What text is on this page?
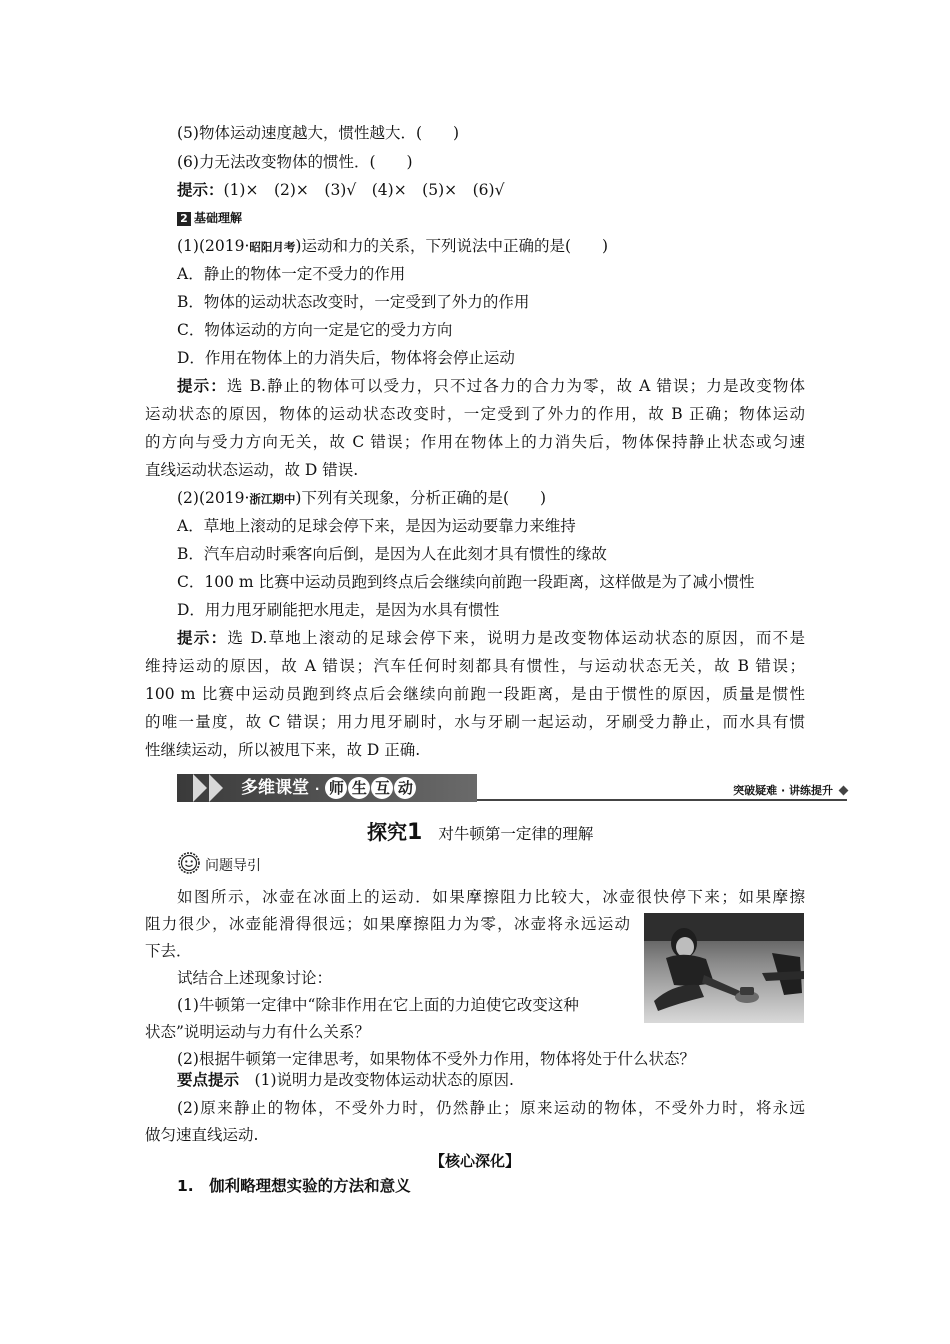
(5)物体运动速度越大，惯性越大．(　　)
(6)力无法改变物体的惯性．(　　)
提示：(1)×　(2)×　(3)√　(4)×　(5)×　(6)√
2 基础理解
(1)(2019·昭阳月考)运动和力的关系，下列说法中正确的是(　　)
A．静止的物体一定不受力的作用
B．物体的运动状态改变时，一定受到了外力的作用
C．物体运动的方向一定是它的受力方向
D．作用在物体上的力消失后，物体将会停止运动
提示：选 B.静止的物体可以受力，只不过各力的合力为零，故 A 错误；力是改变物体
运动状态的原因，物体的运动状态改变时，一定受到了外力的作用，故 B 正确；物体运动
的方向与受力方向无关，故 C 错误；作用在物体上的力消失后，物体保持静止状态或匀速
直线运动状态运动，故 D 错误.
(2)(2019·浙江期中)下列有关现象，分析正确的是(　　)
A．草地上滚动的足球会停下来，是因为运动要靠力来维持
B．汽车启动时乘客向后倒，是因为人在此刻才具有惯性的缘故
C．100 m 比赛中运动员跑到终点后会继续向前跑一段距离，这样做是为了减小惯性
D．用力甩牙刷能把水甩走，是因为水具有惯性
提示：选 D.草地上滚动的足球会停下来，说明力是改变物体运动状态的原因，而不是
维持运动的原因，故 A 错误；汽车任何时刻都具有惯性，与运动状态无关，故 B 错误；
100 m 比赛中运动员跑到终点后会继续向前跑一段距离，是由于惯性的原因，质量是惯性
的唯一量度，故 C 错误；用力甩牙刷时，水与牙刷一起运动，牙刷受力静止，而水具有惯
性继续运动，所以被甩下来，故 D 正确.
多维课堂 · 师 生 互 动	突破疑难 · 讲练提升
探究1 对牛顿第一定律的理解
问题导引
如图所示，冰壶在冰面上的运动．如果摩擦阻力比较大，冰壶很快停下来；如果摩擦
阻力很少，冰壶能滑得很远；如果摩擦阻力为零，冰壶将永远运动
下去．
试结合上述现象讨论：
(1)牛顿第一定律中“除非作用在它上面的力迫使它改变这种
状态”说明运动与力有什么关系？
(2)根据牛顿第一定律思考，如果物体不受外力作用，物体将处于什么状态？
要点提示　 (1)说明力是改变物体运动状态的原因.
(2)原来静止的物体，不受外力时，仍然静止；原来运动的物体，不受外力时，将永远
做匀速直线运动.
【核心深化】
1.　伽利略理想实验的方法和意义
